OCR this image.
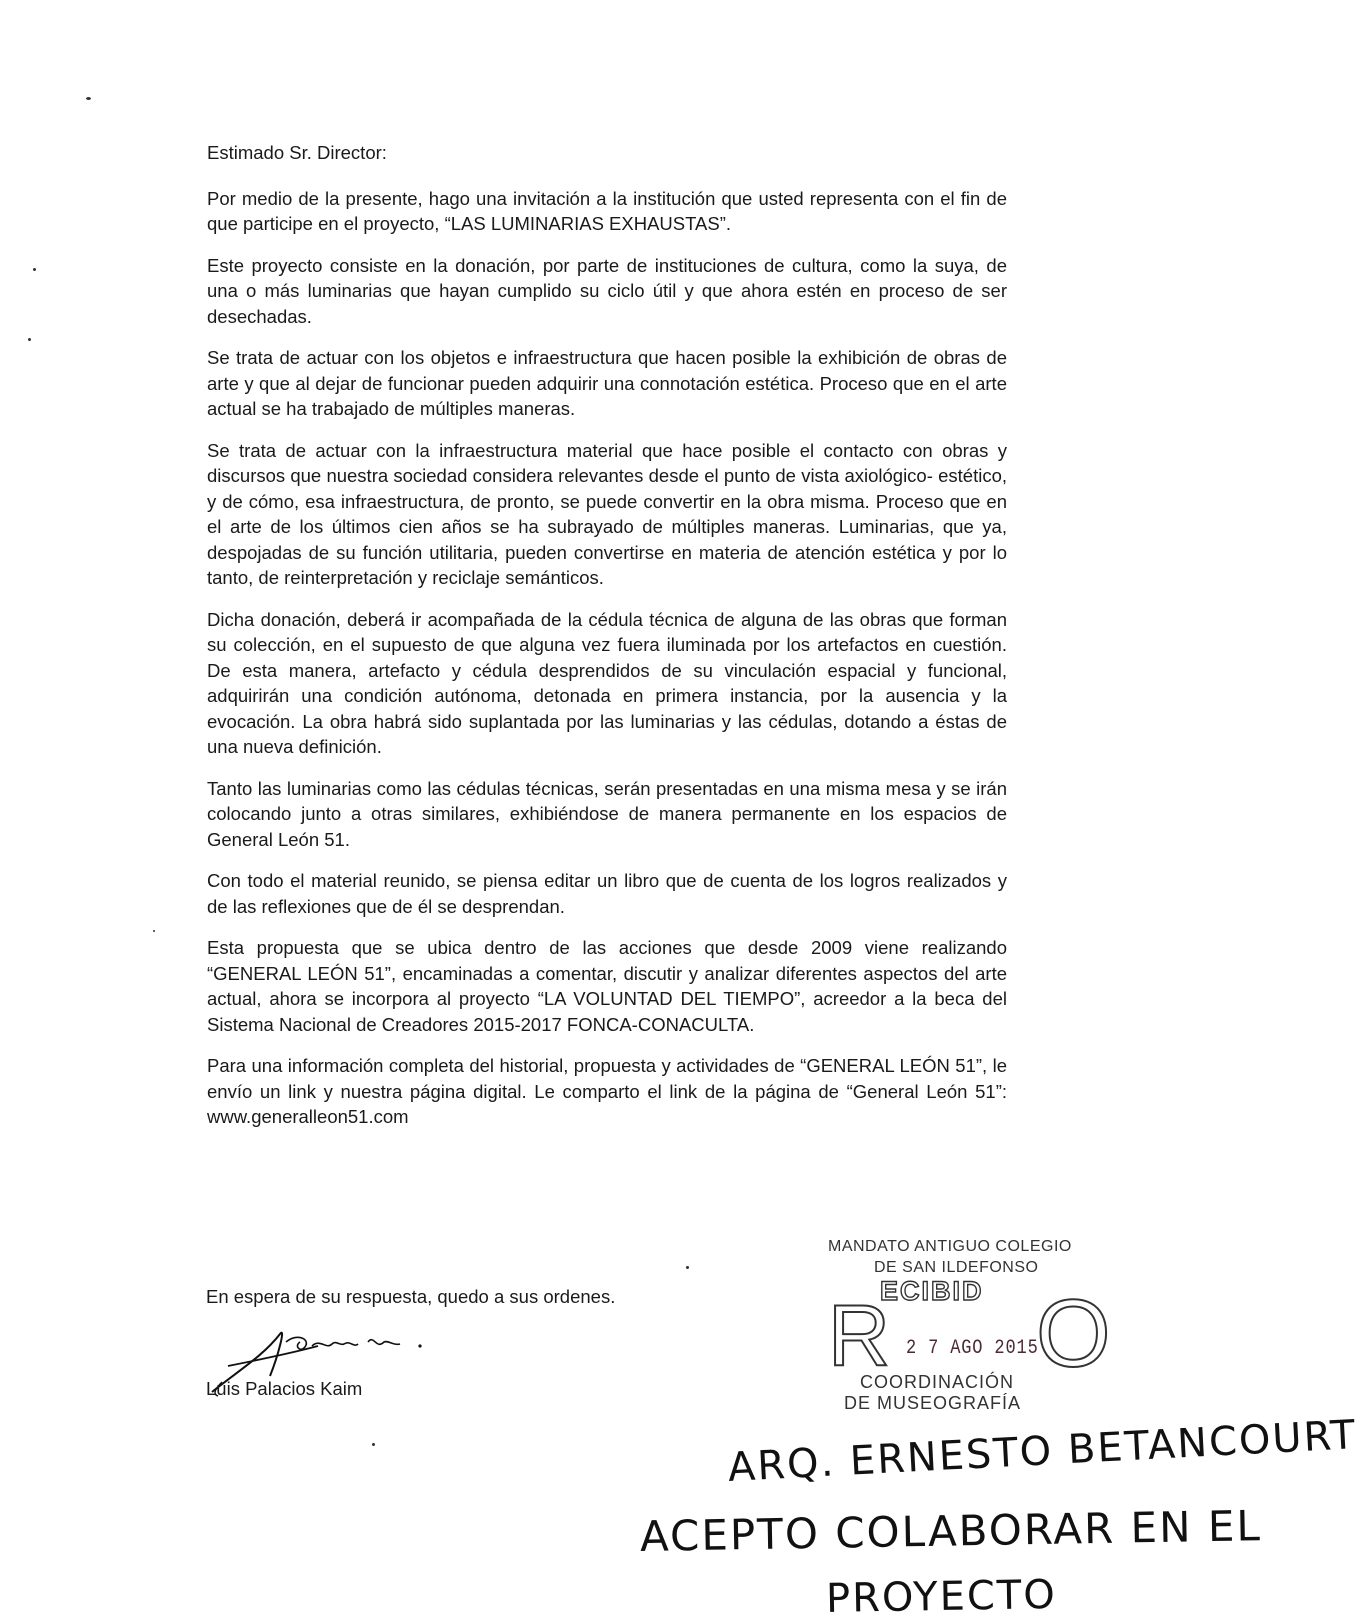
Estimado Sr. Director:

Por medio de la presente, hago una invitación a la institución que usted representa con el fin de que participe en el proyecto, “LAS LUMINARIAS EXHAUSTAS”.

Este proyecto consiste en la donación, por parte de instituciones de cultura, como la suya, de una o más luminarias que hayan cumplido su ciclo útil y que ahora estén en proceso de ser desechadas.

Se trata de actuar con los objetos e infraestructura que hacen posible la exhibición de obras de arte y que al dejar de funcionar pueden adquirir una connotación estética. Proceso que en el arte actual se ha trabajado de múltiples maneras.

Se trata de actuar con la infraestructura material que hace posible el contacto con obras y discursos que nuestra sociedad considera relevantes desde el punto de vista axiológico- estético, y de cómo, esa infraestructura, de pronto, se puede convertir en la obra misma. Proceso que en el arte de los últimos cien años se ha subrayado de múltiples maneras. Luminarias, que ya, despojadas de su función utilitaria, pueden convertirse en materia de atención estética y por lo tanto, de reinterpretación y reciclaje semánticos.

Dicha donación, deberá ir acompañada de la cédula técnica de alguna de las obras que forman su colección, en el supuesto de que alguna vez fuera iluminada por los artefactos en cuestión. De esta manera, artefacto y cédula desprendidos de su vinculación espacial y funcional, adquirirán una condición autónoma, detonada en primera instancia, por la ausencia y la evocación. La obra habrá sido suplantada por las luminarias y las cédulas, dotando a éstas de una nueva definición.

Tanto las luminarias como las cédulas técnicas, serán presentadas en una misma mesa y se irán colocando junto a otras similares, exhibiéndose de manera permanente en los espacios de General León 51.

Con todo el material reunido, se piensa editar un libro que de cuenta de los logros realizados y de las reflexiones que de él se desprendan.

Esta propuesta que se ubica dentro de las acciones que desde 2009 viene realizando “GENERAL LEÓN 51”, encaminadas a comentar, discutir y analizar diferentes aspectos del arte actual, ahora se incorpora al proyecto “LA VOLUNTAD DEL TIEMPO”, acreedor a la beca del Sistema Nacional de Creadores 2015-2017 FONCA-CONACULTA.

Para una información completa del historial, propuesta y actividades de “GENERAL LEÓN 51”, le envío un link y nuestra página digital. Le comparto el link de la página de “General León 51”: www.generalleon51.com

En espera de su respuesta, quedo a sus ordenes.
Luis Palacios Kaim
MANDATO ANTIGUO COLEGIO
DE SAN ILDEFONSO
ECIBID
R O
2 7 AGO 2015
COORDINACIÓN
DE MUSEOGRAFÍA
ARQ. ERNESTO BETANCOURT
ACEPTO COLABORAR EN EL
PROYECTO
